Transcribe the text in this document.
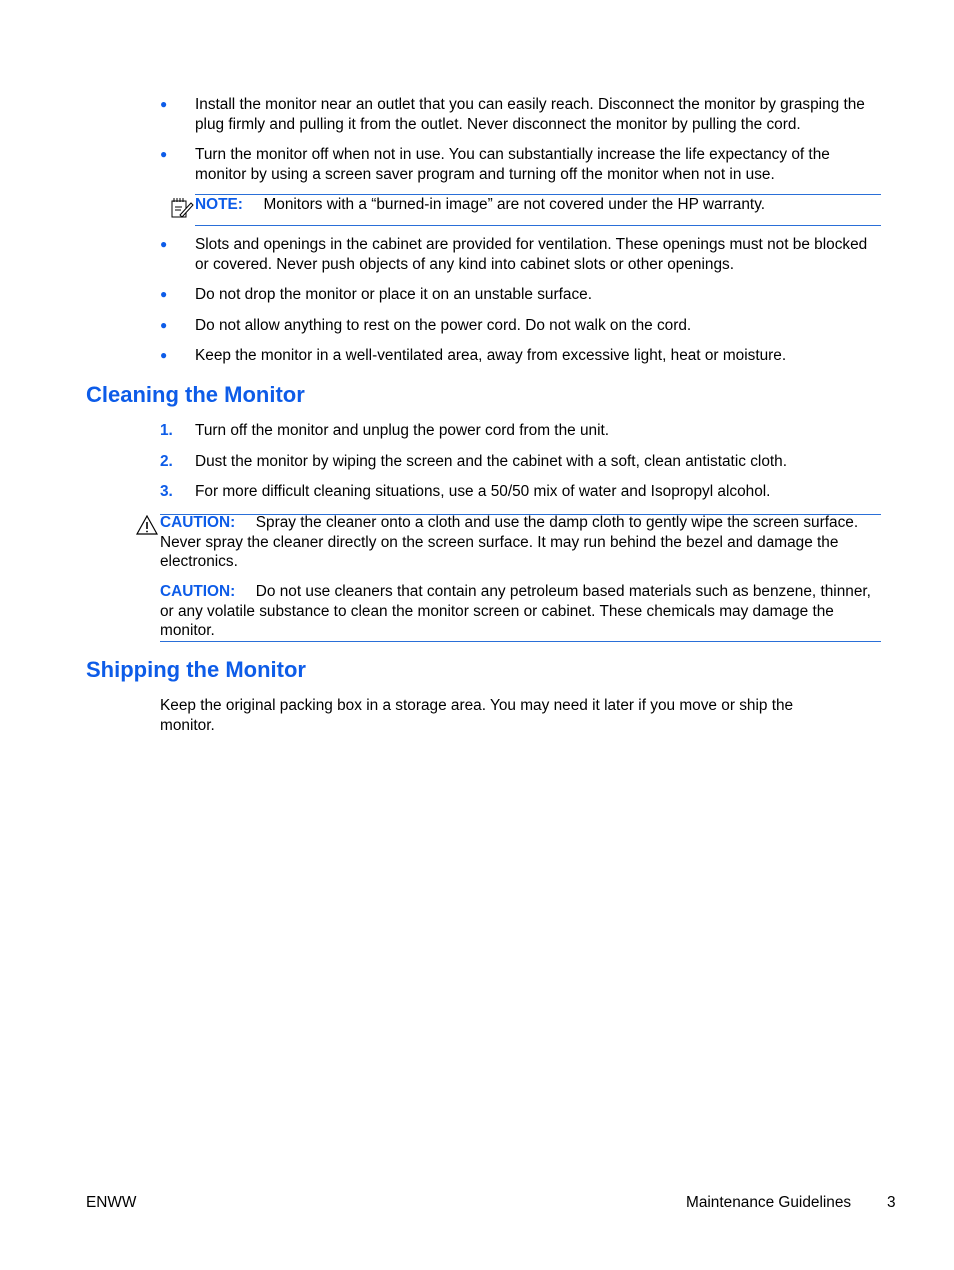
● Install the monitor near an outlet that you can easily reach. Disconnect the monitor by grasping the plug firmly and pulling it from the outlet. Never disconnect the monitor by pulling the cord.
● Turn the monitor off when not in use. You can substantially increase the life expectancy of the monitor by using a screen saver program and turning off the monitor when not in use.
NOTE: Monitors with a “burned-in image” are not covered under the HP warranty.
● Slots and openings in the cabinet are provided for ventilation. These openings must not be blocked or covered. Never push objects of any kind into cabinet slots or other openings.
● Do not drop the monitor or place it on an unstable surface.
● Do not allow anything to rest on the power cord. Do not walk on the cord.
● Keep the monitor in a well-ventilated area, away from excessive light, heat or moisture.
Cleaning the Monitor
1. Turn off the monitor and unplug the power cord from the unit.
2. Dust the monitor by wiping the screen and the cabinet with a soft, clean antistatic cloth.
3. For more difficult cleaning situations, use a 50/50 mix of water and Isopropyl alcohol.
CAUTION: Spray the cleaner onto a cloth and use the damp cloth to gently wipe the screen surface. Never spray the cleaner directly on the screen surface. It may run behind the bezel and damage the electronics.
CAUTION: Do not use cleaners that contain any petroleum based materials such as benzene, thinner, or any volatile substance to clean the monitor screen or cabinet. These chemicals may damage the monitor.
Shipping the Monitor
Keep the original packing box in a storage area. You may need it later if you move or ship the monitor.
ENWW	Maintenance Guidelines 3
